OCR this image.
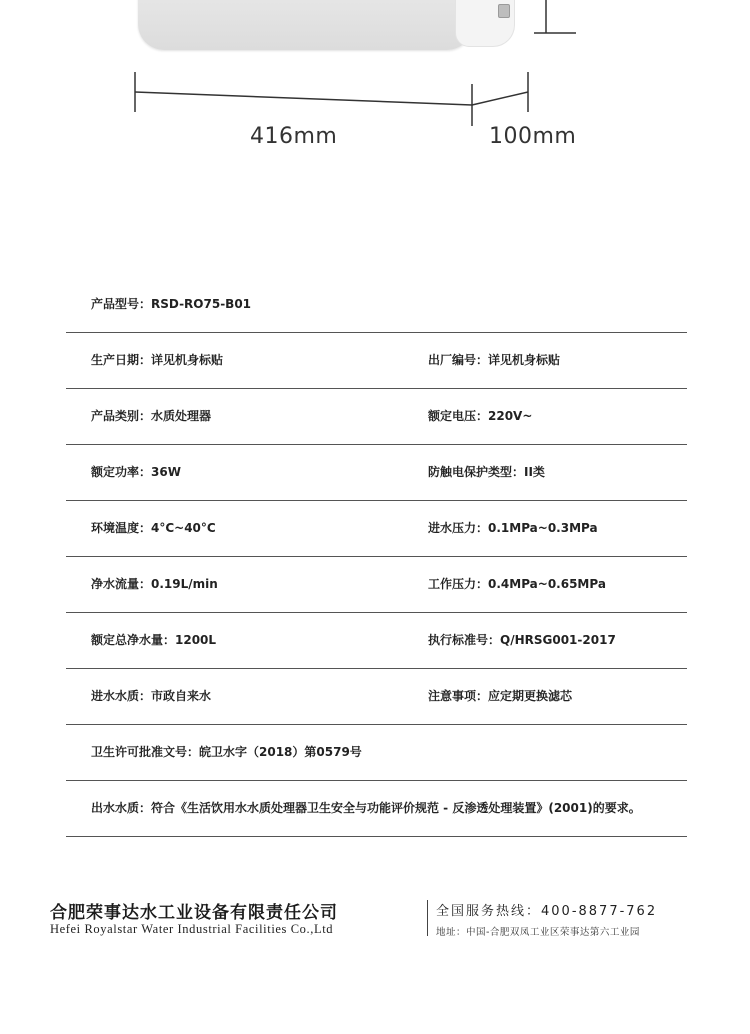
416mm	100mm
产品型号：RSD-RO75-B01
生产日期：详见机身标贴	出厂编号：详见机身标贴
产品类别：水质处理器	额定电压：220V~
额定功率：36W	防触电保护类型：II类
环境温度：4°C~40°C	进水压力：0.1MPa~0.3MPa
净水流量：0.19L/min	工作压力：0.4MPa~0.65MPa
额定总净水量：1200L	执行标准号：Q/HRSG001-2017
进水水质：市政自来水	注意事项：应定期更换滤芯
卫生许可批准文号：皖卫水字（2018）第0579号
出水水质：符合《生活饮用水水质处理器卫生安全与功能评价规范 - 反渗透处理装置》(2001)的要求。
合肥荣事达水工业设备有限责任公司
Hefei Royalstar Water Industrial Facilities Co.,Ltd
全国服务热线：400-8877-762
地址：中国-合肥双凤工业区荣事达第六工业园
